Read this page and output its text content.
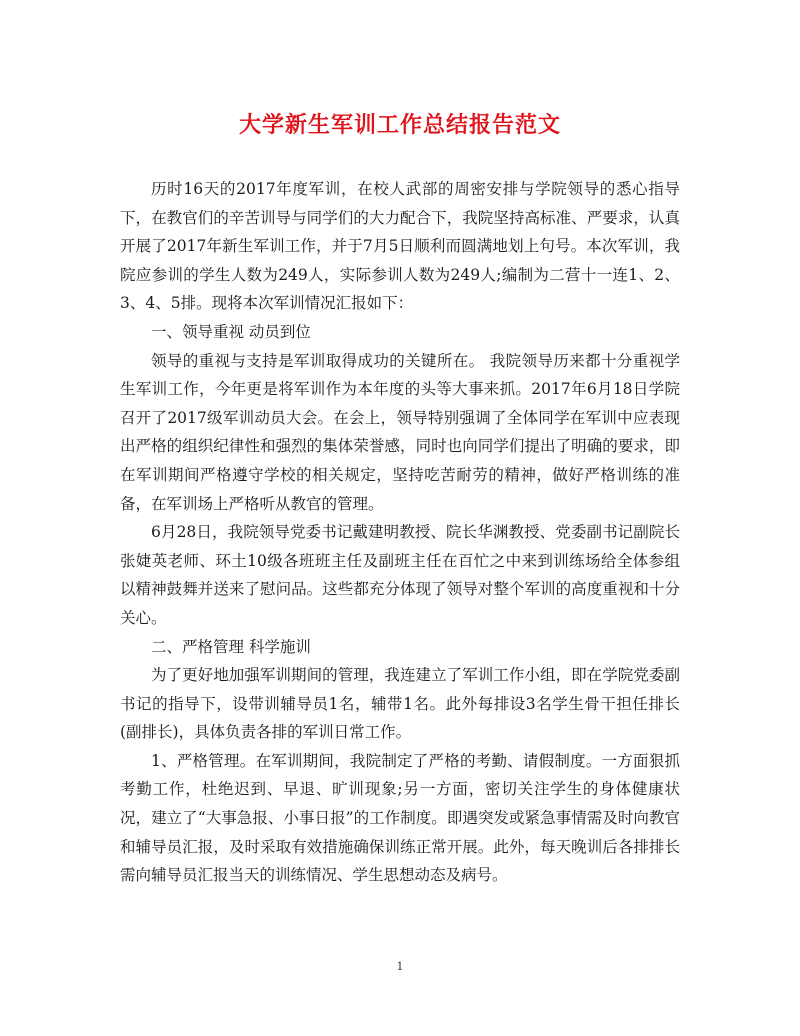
大学新生军训工作总结报告范文

历时16天的2017年度军训，在校人武部的周密安排与学院领导的悉心指导下，在教官们的辛苦训导与同学们的大力配合下，我院坚持高标准、严要求，认真开展了2017年新生军训工作，并于7月5日顺利而圆满地划上句号。本次军训，我院应参训的学生人数为249人，实际参训人数为249人;编制为二营十一连1、2、3、4、5排。现将本次军训情况汇报如下：

一、领导重视 动员到位

领导的重视与支持是军训取得成功的关键所在。 我院领导历来都十分重视学生军训工作，今年更是将军训作为本年度的头等大事来抓。2017年6月18日学院召开了2017级军训动员大会。在会上，领导特别强调了全体同学在军训中应表现出严格的组织纪律性和强烈的集体荣誉感，同时也向同学们提出了明确的要求，即在军训期间严格遵守学校的相关规定，坚持吃苦耐劳的精神，做好严格训练的准备，在军训场上严格听从教官的管理。

6月28日，我院领导党委书记戴建明教授、院长华渊教授、党委副书记副院长张婕英老师、环土10级各班班主任及副班主任在百忙之中来到训练场给全体参组以精神鼓舞并送来了慰问品。这些都充分体现了领导对整个军训的高度重视和十分关心。

二、严格管理 科学施训

为了更好地加强军训期间的管理，我连建立了军训工作小组，即在学院党委副书记的指导下，设带训辅导员1名，辅带1名。此外每排设3名学生骨干担任排长(副排长)，具体负责各排的军训日常工作。

1、严格管理。在军训期间，我院制定了严格的考勤、请假制度。一方面狠抓考勤工作，杜绝迟到、早退、旷训现象;另一方面，密切关注学生的身体健康状况，建立了“大事急报、小事日报”的工作制度。即遇突发或紧急事情需及时向教官和辅导员汇报，及时采取有效措施确保训练正常开展。此外，每天晚训后各排排长需向辅导员汇报当天的训练情况、学生思想动态及病号。

1
